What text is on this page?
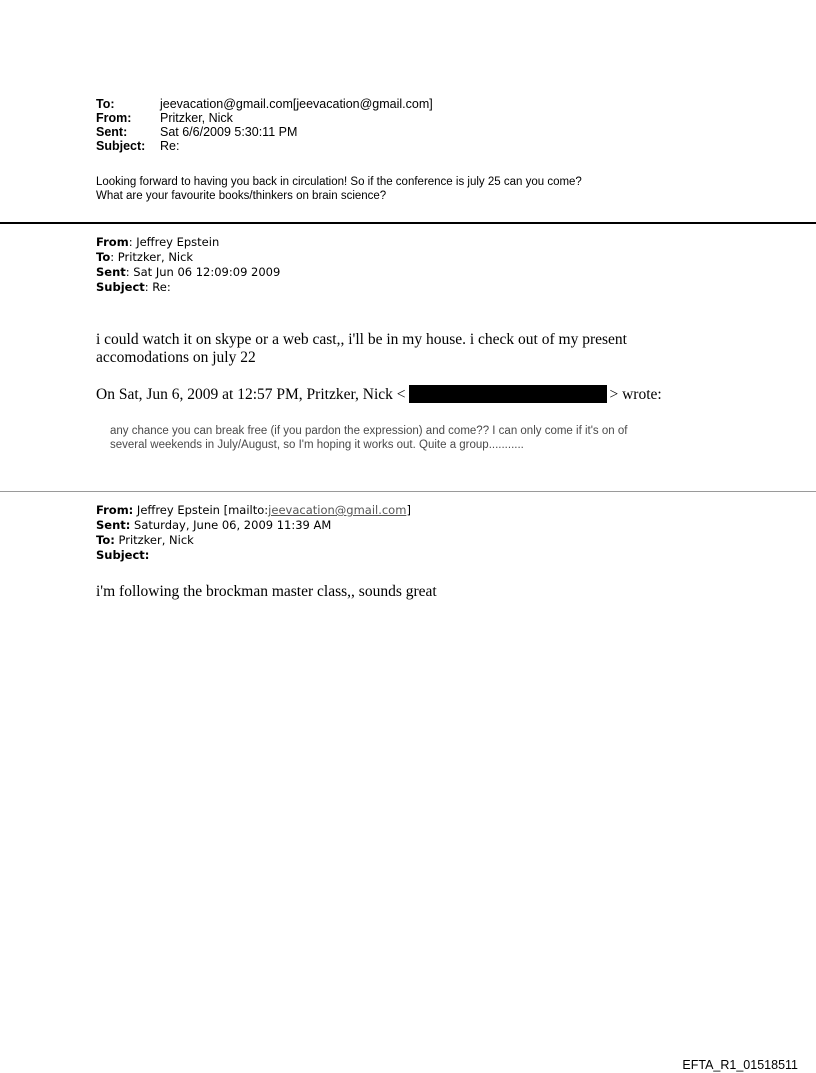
To:	jeevacation@gmail.com[jeevacation@gmail.com]
From:	Pritzker, Nick
Sent:	Sat 6/6/2009 5:30:11 PM
Subject:	Re:
Looking forward to having you back in circulation! So if the conference is july 25 can you come?
What are your favourite books/thinkers on brain science?
From: Jeffrey Epstein
To: Pritzker, Nick
Sent: Sat Jun 06 12:09:09 2009
Subject: Re:
i could watch it on skype or a web cast,, i'll be in my house. i check out of my present
accomodations on july 22
On Sat, Jun 6, 2009 at 12:57 PM, Pritzker, Nick <	> wrote:
any chance you can break free (if you pardon the expression) and come?? I can only come if it's on of
several weekends in July/August, so I'm hoping it works out. Quite a group...........
From: Jeffrey Epstein [mailto:jeevacation@gmail.com]
Sent: Saturday, June 06, 2009 11:39 AM
To: Pritzker, Nick
Subject:
i'm following the brockman master class,, sounds great
EFTA_R1_01518511
